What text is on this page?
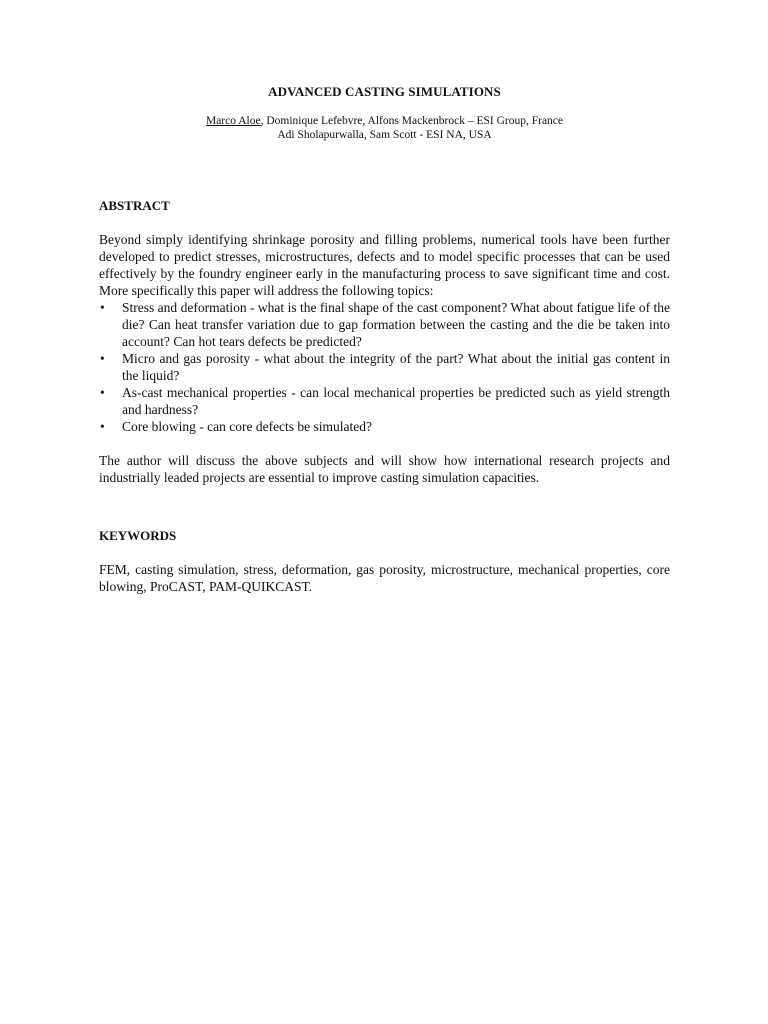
ADVANCED CASTING SIMULATIONS
Marco Aloe, Dominique Lefebvre, Alfons Mackenbrock – ESI Group, France
Adi Sholapurwalla, Sam Scott - ESI NA, USA
ABSTRACT

Beyond simply identifying shrinkage porosity and filling problems, numerical tools have been further developed to predict stresses, microstructures, defects and to model specific processes that can be used effectively by the foundry engineer early in the manufacturing process to save significant time and cost. More specifically this paper will address the following topics:

• Stress and deformation - what is the final shape of the cast component? What about fatigue life of the die? Can heat transfer variation due to gap formation between the casting and the die be taken into account? Can hot tears defects be predicted?
• Micro and gas porosity - what about the integrity of the part? What about the initial gas content in the liquid?
• As-cast mechanical properties - can local mechanical properties be predicted such as yield strength and hardness?
• Core blowing - can core defects be simulated?

The author will discuss the above subjects and will show how international research projects and industrially leaded projects are essential to improve casting simulation capacities.

KEYWORDS

FEM, casting simulation, stress, deformation, gas porosity, microstructure, mechanical properties, core blowing, ProCAST, PAM-QUIKCAST.
